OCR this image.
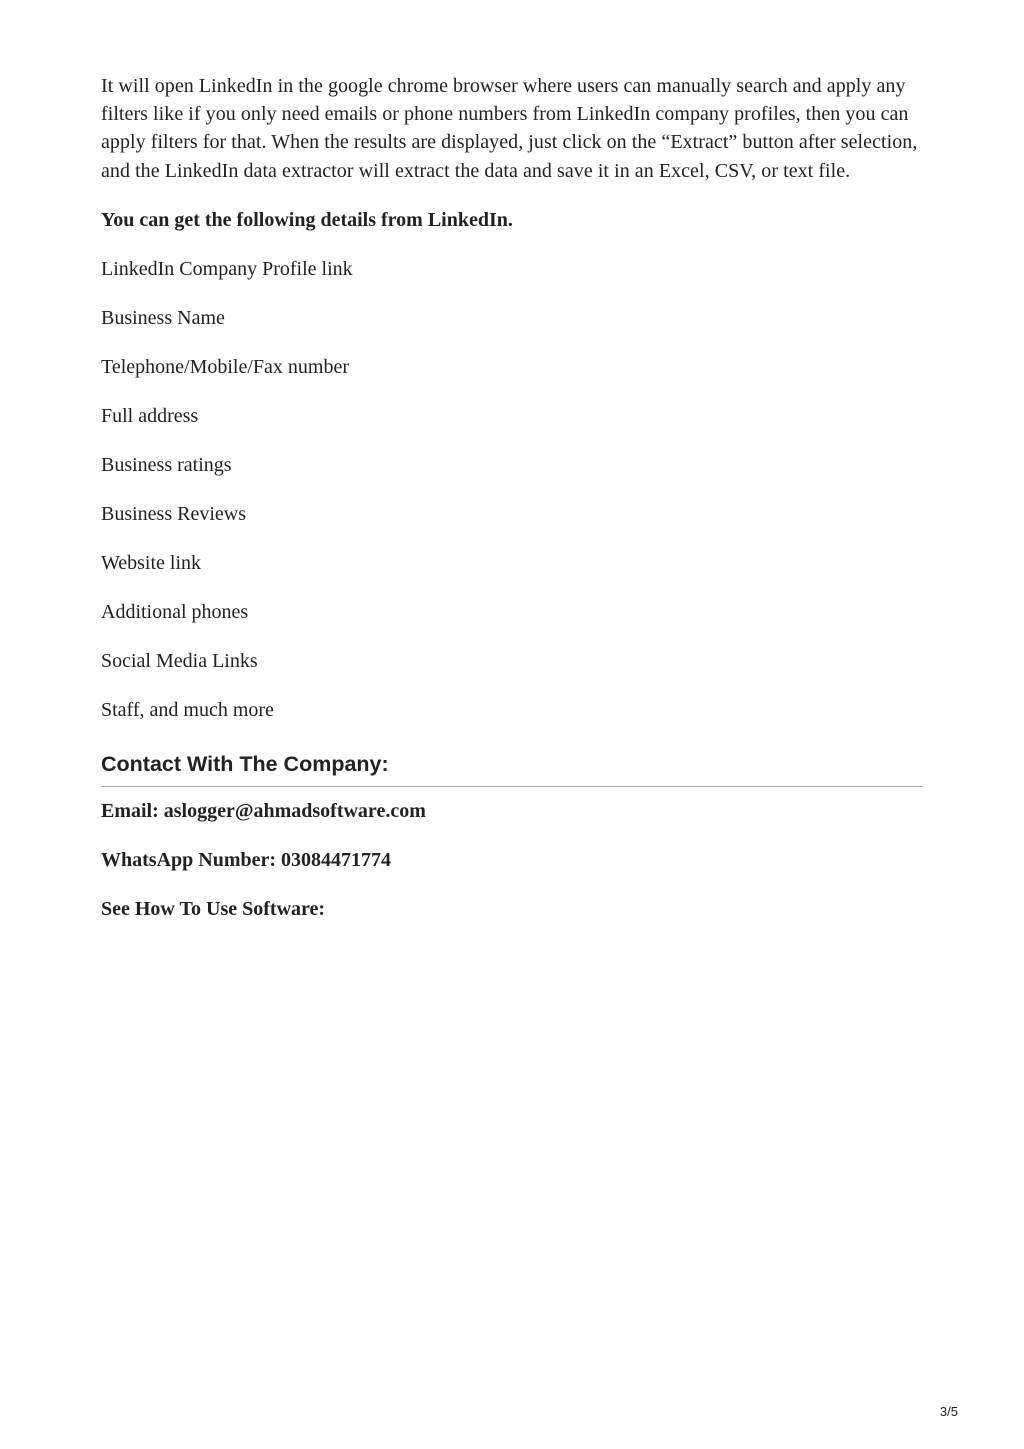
It will open LinkedIn in the google chrome browser where users can manually search and apply any filters like if you only need emails or phone numbers from LinkedIn company profiles, then you can apply filters for that. When the results are displayed, just click on the “Extract” button after selection, and the LinkedIn data extractor will extract the data and save it in an Excel, CSV, or text file.

You can get the following details from LinkedIn.

LinkedIn Company Profile link
Business Name
Telephone/Mobile/Fax number
Full address
Business ratings
Business Reviews
Website link
Additional phones
Social Media Links
Staff, and much more
Contact With The Company:

Email: aslogger@ahmadsoftware.com

WhatsApp Number: 03084471774

See How To Use Software:

3/5
